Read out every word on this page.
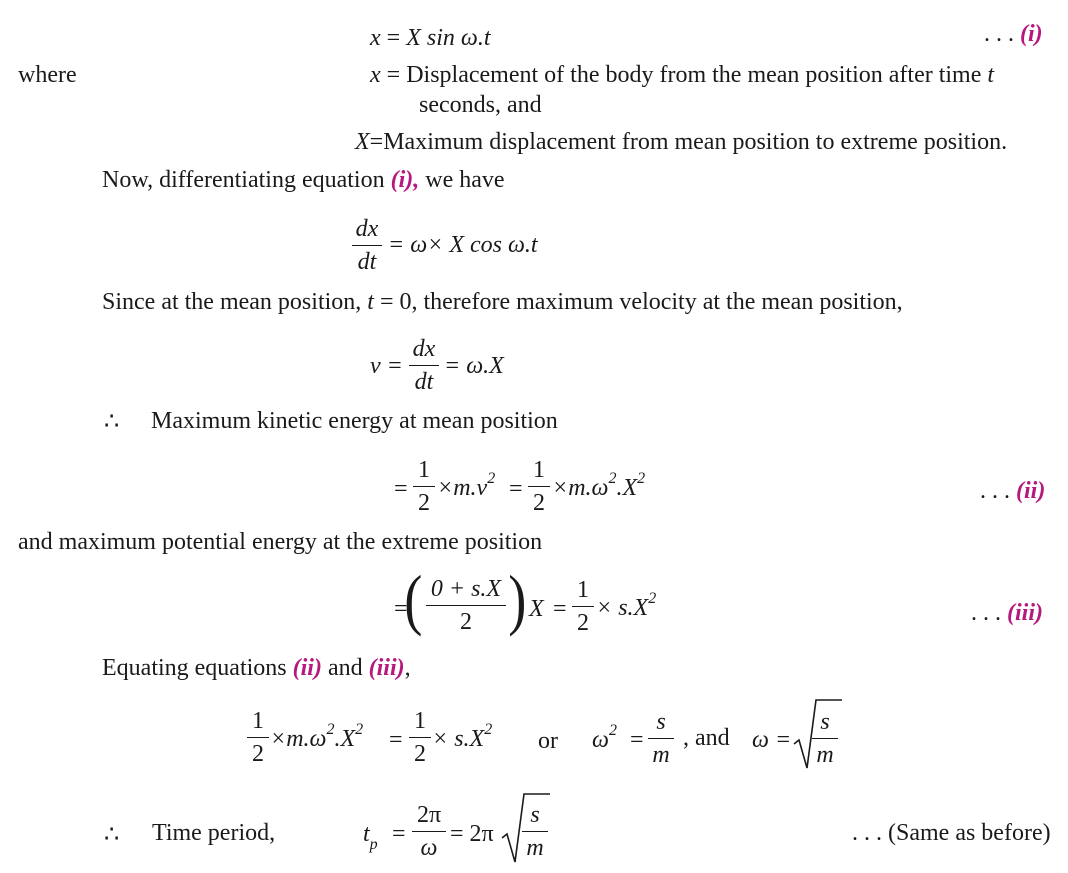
x = X sin ω.t	. . . (i)
where	x = Displacement of the body from the mean position after time t
seconds, and
X=Maximum displacement from mean position to extreme position.
Now, differentiating equation (i), we have
dx
dt
= ω× X cos ω.t
Since at the mean position, t = 0, therefore maximum velocity at the mean position,
v =
dx
dt
= ω.X
∴ Maximum kinetic energy at mean position
=
1
2
$\times m.v^2$ =
1
2
$\times m.\omega^2.X^2$	. . . (ii)
and maximum potential energy at the extreme position
=
( 0 + s.X
2 ) X =
1
2
× $s.X^2$
. . . (iii)
Equating equations (ii) and (iii),
1
2
$\times m.\omega^2.X^2$ =
1
2
× $s.X^2$ or $\omega^2$ =
s
m
, and ω =
s
m
∴ Time period,	$t_p$ =
2π
ω
= 2π
s
m
. . . (Same as before)
